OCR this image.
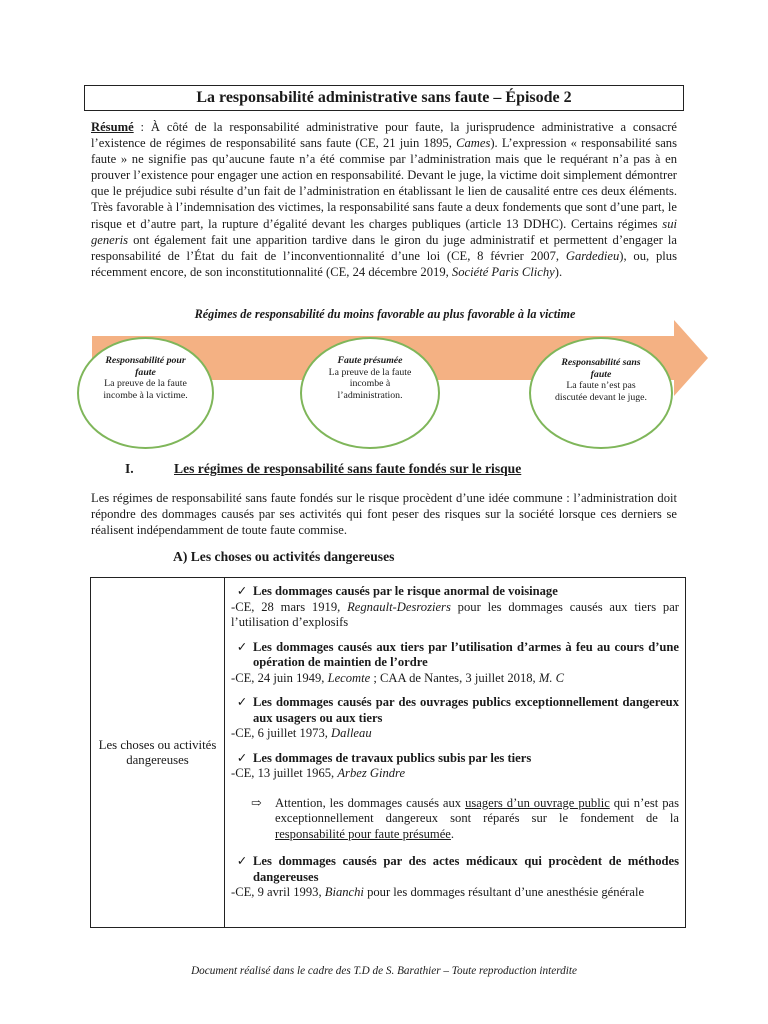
La responsabilité administrative sans faute – Épisode 2
Résumé : À côté de la responsabilité administrative pour faute, la jurisprudence administrative a consacré l’existence de régimes de responsabilité sans faute (CE, 21 juin 1895, Cames). L’expression « responsabilité sans faute » ne signifie pas qu’aucune faute n’a été commise par l’administration mais que le requérant n’a pas à en prouver l’existence pour engager une action en responsabilité. Devant le juge, la victime doit simplement démontrer que le préjudice subi résulte d’un fait de l’administration en établissant le lien de causalité entre ces deux éléments. Très favorable à l’indemnisation des victimes, la responsabilité sans faute a deux fondements que sont d’une part, le risque et d’autre part, la rupture d’égalité devant les charges publiques (article 13 DDHC). Certains régimes sui generis ont également fait une apparition tardive dans le giron du juge administratif et permettent d’engager la responsabilité de l’État du fait de l’inconventionnalité d’une loi (CE, 8 février 2007, Gardedieu), ou, plus récemment encore, de son inconstitutionnalité (CE, 24 décembre 2019, Société Paris Clichy).
Régimes de responsabilité du moins favorable au plus favorable à la victime
Responsabilité pour faute
La preuve de la faute incombe à la victime.
Faute présumée
La preuve de la faute incombe à l’administration.
Responsabilité sans faute
La faute n’est pas discutée devant le juge.
I.	Les régimes de responsabilité sans faute fondés sur le risque
Les régimes de responsabilité sans faute fondés sur le risque procèdent d’une idée commune : l’administration doit répondre des dommages causés par ses activités qui font peser des risques sur la société lorsque ces derniers se réalisent indépendamment de toute faute commise.
A) Les choses ou activités dangereuses
Les choses ou activités dangereuses	
✓ Les dommages causés par le risque anormal de voisinage
-CE, 28 mars 1919, Regnault-Desroziers pour les dommages causés aux tiers par l’utilisation d’explosifs
✓ Les dommages causés aux tiers par l’utilisation d’armes à feu au cours d’une opération de maintien de l’ordre
-CE, 24 juin 1949, Lecomte ; CAA de Nantes, 3 juillet 2018, M. C
✓ Les dommages causés par des ouvrages publics exceptionnellement dangereux aux usagers ou aux tiers
-CE, 6 juillet 1973, Dalleau
✓ Les dommages de travaux publics subis par les tiers
-CE, 13 juillet 1965, Arbez Gindre
⇨	Attention, les dommages causés aux usagers d’un ouvrage public qui n’est pas exceptionnellement dangereux sont réparés sur le fondement de la responsabilité pour faute présumée.
✓ Les dommages causés par des actes médicaux qui procèdent de méthodes dangereuses
-CE, 9 avril 1993, Bianchi pour les dommages résultant d’une anesthésie générale
Document réalisé dans le cadre des T.D de S. Barathier – Toute reproduction interdite
